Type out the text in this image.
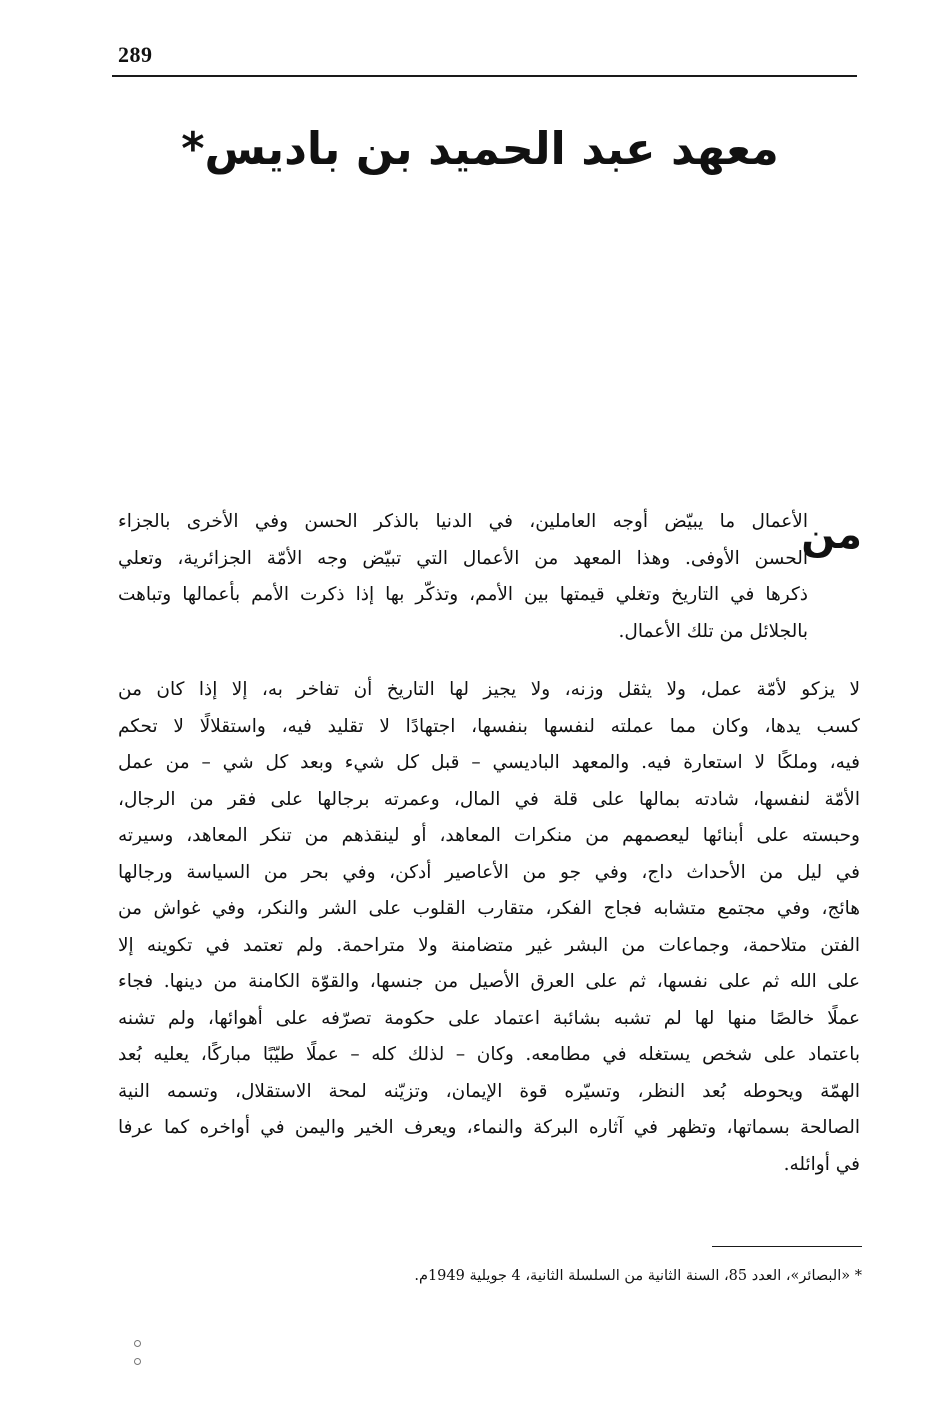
289
معهد عبد الحميد بن باديس*
من
الأعمال ما يبيّض أوجه العاملين، في الدنيا بالذكر الحسن وفي الأخرى بالجزاء
الحسن الأوفى. وهذا المعهد من الأعمال التي تبيّض وجه الأمّة الجزائرية، وتعلي
ذكرها في التاريخ وتغلي قيمتها بين الأمم، وتذكّر بها إذا ذكرت الأمم بأعمالها وتباهت
بالجلائل من تلك الأعمال.
لا يزكو لأمّة عمل، ولا يثقل وزنه، ولا يجيز لها التاريخ أن تفاخر به، إلا إذا كان من
كسب يدها، وكان مما عملته لنفسها بنفسها، اجتهادًا لا تقليد فيه، واستقلالًا لا تحكم
فيه، وملكًا لا استعارة فيه. والمعهد الباديسي – قبل كل شيء وبعد كل شي – من عمل
الأمّة لنفسها، شادته بمالها على قلة في المال، وعمرته برجالها على فقر من الرجال،
وحبسته على أبنائها ليعصمهم من منكرات المعاهد، أو لينقذهم من تنكر المعاهد، وسيرته
في ليل من الأحداث داج، وفي جو من الأعاصير أدكن، وفي بحر من السياسة ورجالها
هائج، وفي مجتمع متشابه فجاج الفكر، متقارب القلوب على الشر والنكر، وفي غواش من
الفتن متلاحمة، وجماعات من البشر غير متضامنة ولا متراحمة. ولم تعتمد في تكوينه إلا
على الله ثم على نفسها، ثم على العرق الأصيل من جنسها، والقوّة الكامنة من دينها. فجاء
عملًا خالصًا منها لها لم تشبه بشائبة اعتماد على حكومة تصرّفه على أهوائها، ولم تشنه
باعتماد على شخص يستغله في مطامعه. وكان – لذلك كله – عملًا طيّبًا مباركًا، يعليه بُعد
الهمّة ويحوطه بُعد النظر، وتسيّره قوة الإيمان، وتزيّنه لمحة الاستقلال، وتسمه النية
الصالحة بسماتها، وتظهر في آثاره البركة والنماء، ويعرف الخير واليمن في أواخره كما عرفا
في أوائله.
* «البصائر»، العدد 85، السنة الثانية من السلسلة الثانية، 4 جويلية 1949م.
